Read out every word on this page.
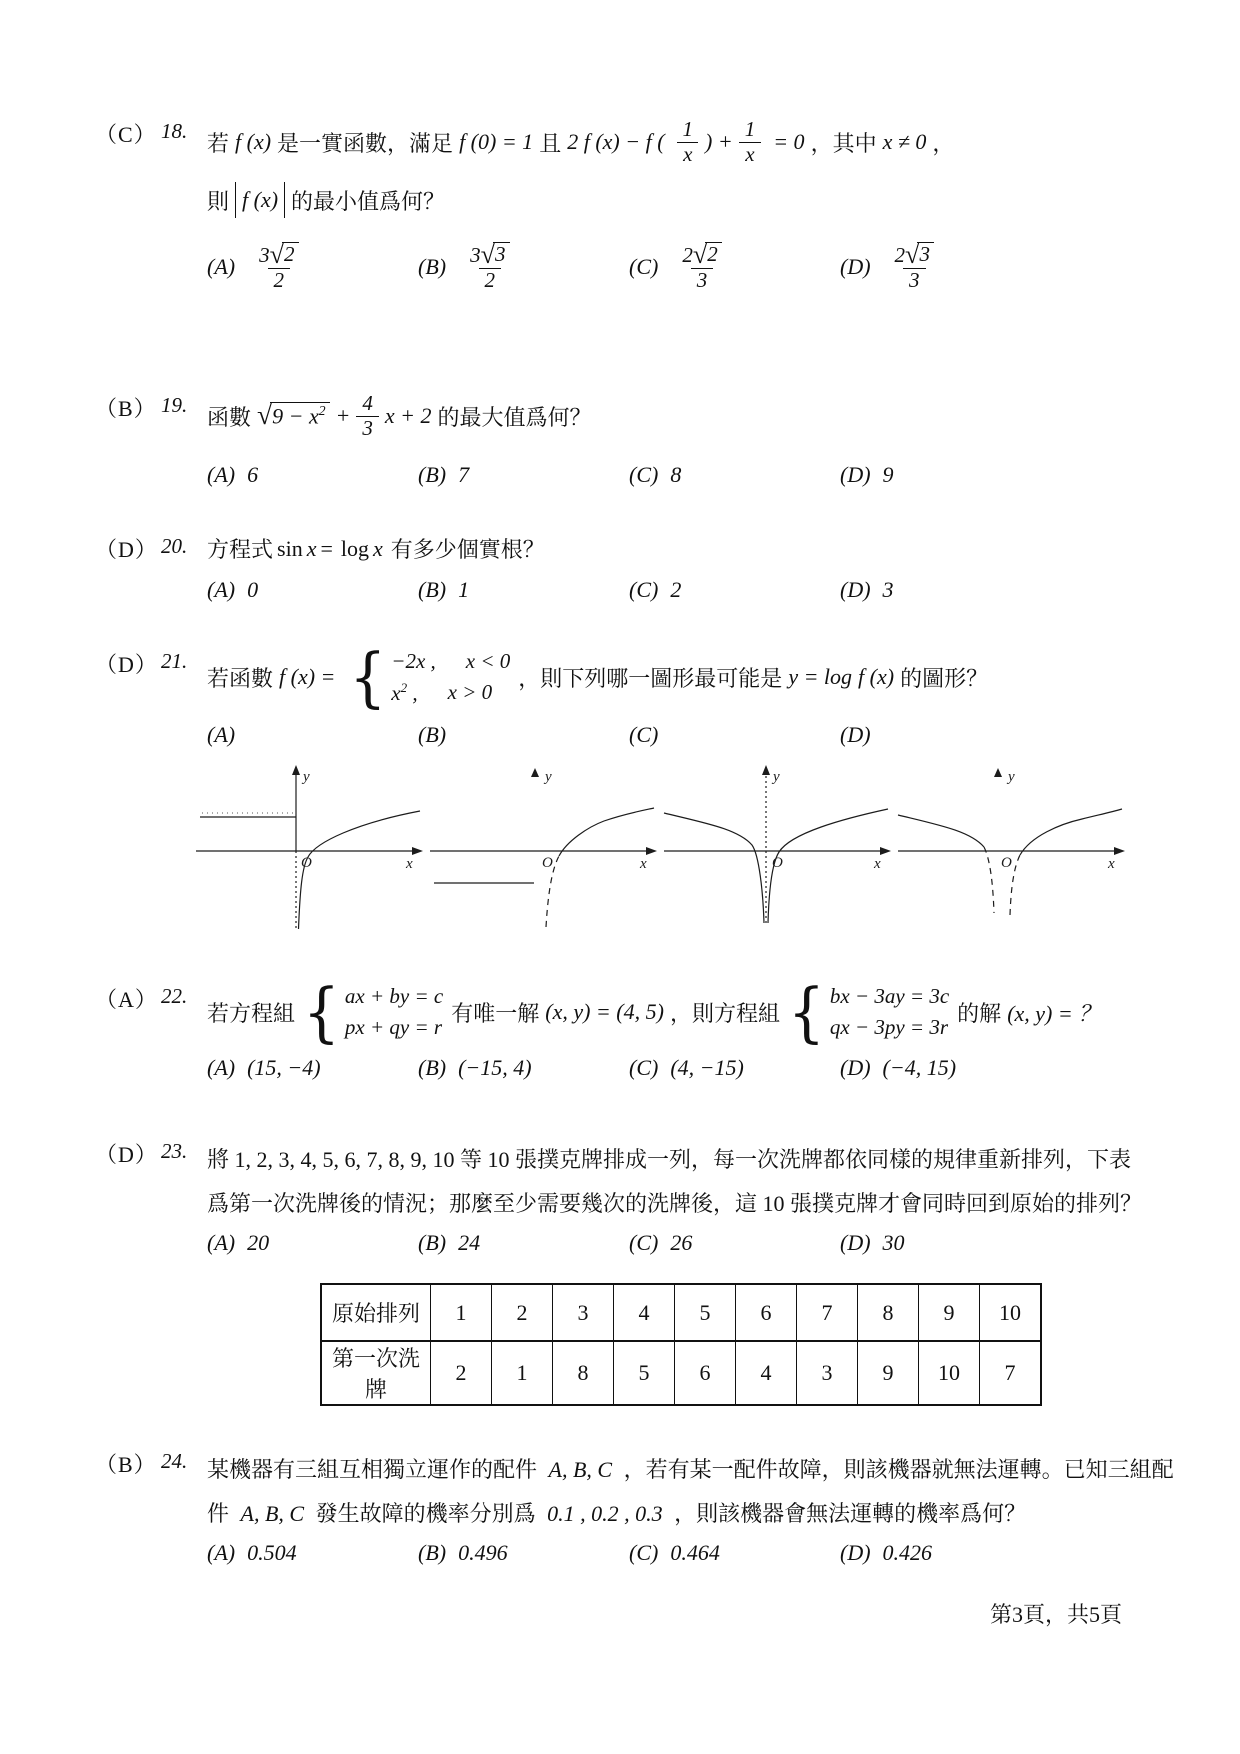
（C） 18. 若 f (x) 是一實函數，滿足 f (0) = 1 且 2 f (x) − f ( $\frac{1}{x}$ ) + $\frac{1}{x} = 0$ ，其中 x ≠ 0 ，
則 f (x) 的最小值爲何？
$(A) \frac{3 √ 2}{2}$	$(B) \frac{3 √ 3}{2}$	$(C) \frac{2 √ 2}{3}$	$(D) \frac{2 √ 3}{3}$
（B） 19. 函數 √ $9 - x^2 + \frac{4}{3}$ x + 2 的最大值爲何？
(A) 6	(B) 7	(C) 8	(D) 9
（D） 20. 方程式 sin x = log x 有多少個實根？
(A) 0	(B) 1	(C) 2	(D) 3
（D） 21.
若函數 f (x) = { −2x , x < 0
$x^2$ , x > 0
，則下列哪一圖形最可能是 y = log f (x) 的圖形？
(A)	(B)	(C)	(D)
x
y
O	x
y
O	x
y
O	x
y
O
（A） 22.
若方程組 { ax + by = c
px + qy = r
有唯一解 (x, y) = (4, 5) ，則方程組 { bx − 3ay = 3c
qx − 3py = 3r
的解 (x, y) = ？
(A) (15, −4)	(B) (−15, 4)	(C) (4, −15)	(D) (−4, 15)
（D） 23. 將 1, 2, 3, 4, 5, 6, 7, 8, 9, 10 等 10 張撲克牌排成一列，每一次洗牌都依同樣的規律重新排列，下表
爲第一次洗牌後的情況；那麼至少需要幾次的洗牌後，這 10 張撲克牌才會同時回到原始的排列？
(A) 20	(B) 24	(C) 26	(D) 30
原始排列	1	2	3	4	5	6	7	8	9	10
第一次洗牌	2	1	8	5	6	4	3	9	10	7
（B） 24. 某機器有三組互相獨立運作的配件 A, B, C ，若有某一配件故障，則該機器就無法運轉。已知三組配
件 A, B, C 發生故障的機率分別爲 0.1 , 0.2 , 0.3 ，則該機器會無法運轉的機率爲何？
(A) 0.504	(B) 0.496	(C) 0.464	(D) 0.426
第3頁，共5頁
